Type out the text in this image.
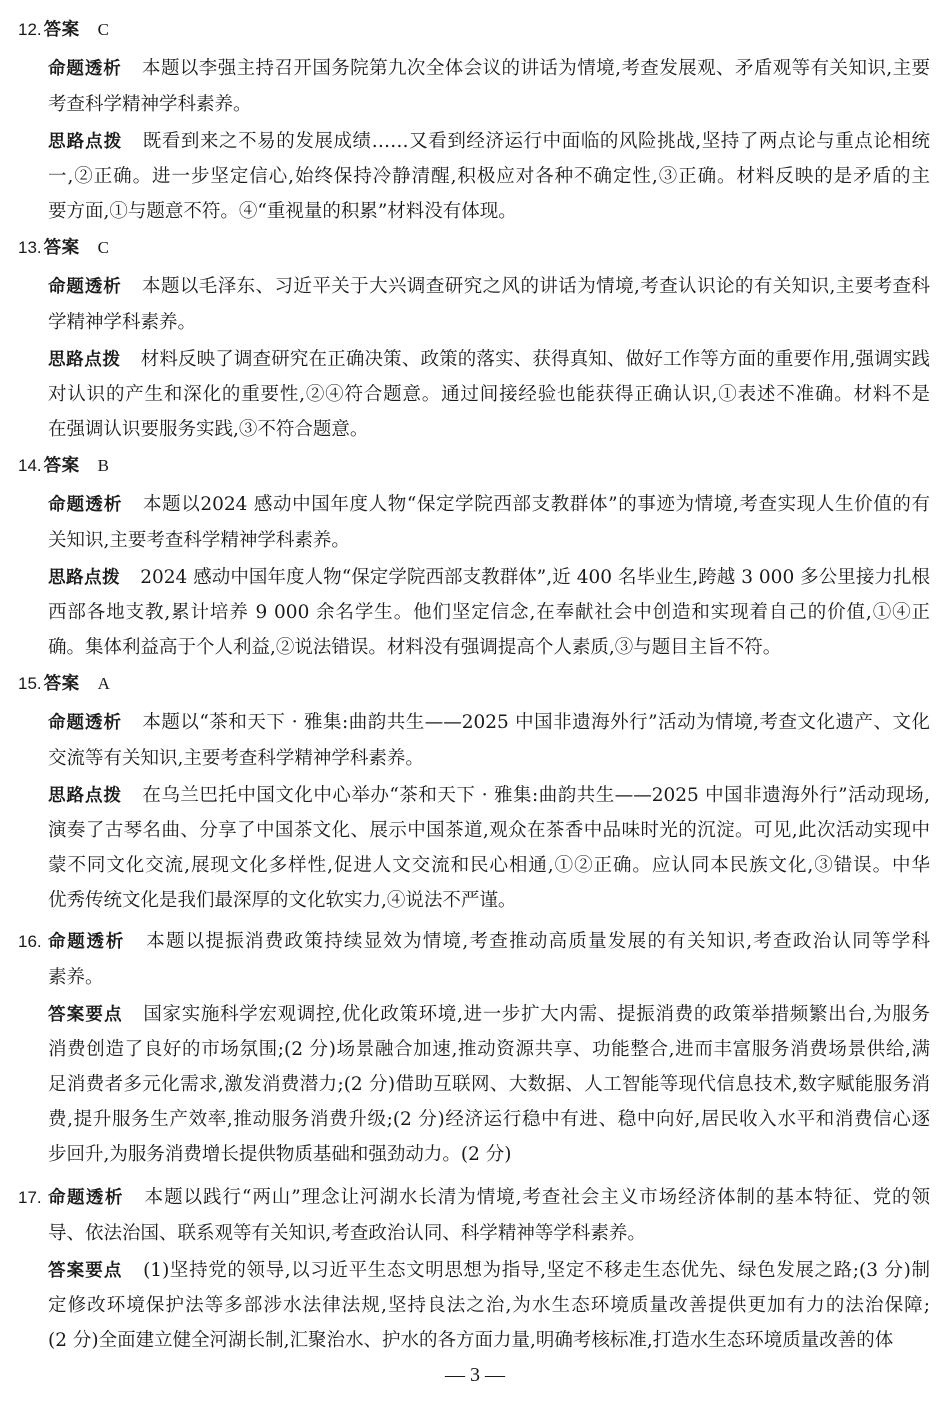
12. 答案 C
命题透析 本题以李强主持召开国务院第九次全体会议的讲话为情境,考查发展观、矛盾观等有关知识,主要
考查科学精神学科素养。
思路点拨 既看到来之不易的发展成绩……又看到经济运行中面临的风险挑战,坚持了两点论与重点论相统
一,②正确。进一步坚定信心,始终保持冷静清醒,积极应对各种不确定性,③正确。材料反映的是矛盾的主
要方面,①与题意不符。④“重视量的积累”材料没有体现。
13. 答案 C
命题透析 本题以毛泽东、习近平关于大兴调查研究之风的讲话为情境,考查认识论的有关知识,主要考查科
学精神学科素养。
思路点拨 材料反映了调查研究在正确决策、政策的落实、获得真知、做好工作等方面的重要作用,强调实践
对认识的产生和深化的重要性,②④符合题意。通过间接经验也能获得正确认识,①表述不准确。材料不是
在强调认识要服务实践,③不符合题意。
14. 答案 B
命题透析 本题以2024 感动中国年度人物“保定学院西部支教群体”的事迹为情境,考查实现人生价值的有
关知识,主要考查科学精神学科素养。
思路点拨 2024 感动中国年度人物“保定学院西部支教群体”,近 400 名毕业生,跨越 3 000 多公里接力扎根
西部各地支教,累计培养 9 000 余名学生。他们坚定信念,在奉献社会中创造和实现着自己的价值,①④正
确。集体利益高于个人利益,②说法错误。材料没有强调提高个人素质,③与题目主旨不符。
15. 答案 A
命题透析 本题以“茶和天下 · 雅集:曲韵共生——2025 中国非遗海外行”活动为情境,考查文化遗产、文化
交流等有关知识,主要考查科学精神学科素养。
思路点拨 在乌兰巴托中国文化中心举办“茶和天下 · 雅集:曲韵共生——2025 中国非遗海外行”活动现场,
演奏了古琴名曲、分享了中国茶文化、展示中国茶道,观众在茶香中品味时光的沉淀。可见,此次活动实现中
蒙不同文化交流,展现文化多样性,促进人文交流和民心相通,①②正确。应认同本民族文化,③错误。中华
优秀传统文化是我们最深厚的文化软实力,④说法不严谨。
16. 命题透析 本题以提振消费政策持续显效为情境,考查推动高质量发展的有关知识,考查政治认同等学科
素养。
答案要点 国家实施科学宏观调控,优化政策环境,进一步扩大内需、提振消费的政策举措频繁出台,为服务
消费创造了良好的市场氛围;(2 分)场景融合加速,推动资源共享、功能整合,进而丰富服务消费场景供给,满
足消费者多元化需求,激发消费潜力;(2 分)借助互联网、大数据、人工智能等现代信息技术,数字赋能服务消
费,提升服务生产效率,推动服务消费升级;(2 分)经济运行稳中有进、稳中向好,居民收入水平和消费信心逐
步回升,为服务消费增长提供物质基础和强劲动力。(2 分)
17. 命题透析 本题以践行“两山”理念让河湖水长清为情境,考查社会主义市场经济体制的基本特征、党的领
导、依法治国、联系观等有关知识,考查政治认同、科学精神等学科素养。
答案要点 (1)坚持党的领导,以习近平生态文明思想为指导,坚定不移走生态优先、绿色发展之路;(3 分)制
定修改环境保护法等多部涉水法律法规,坚持良法之治,为水生态环境质量改善提供更加有力的法治保障;
(2 分)全面建立健全河湖长制,汇聚治水、护水的各方面力量,明确考核标准,打造水生态环境质量改善的体
— 3 —
